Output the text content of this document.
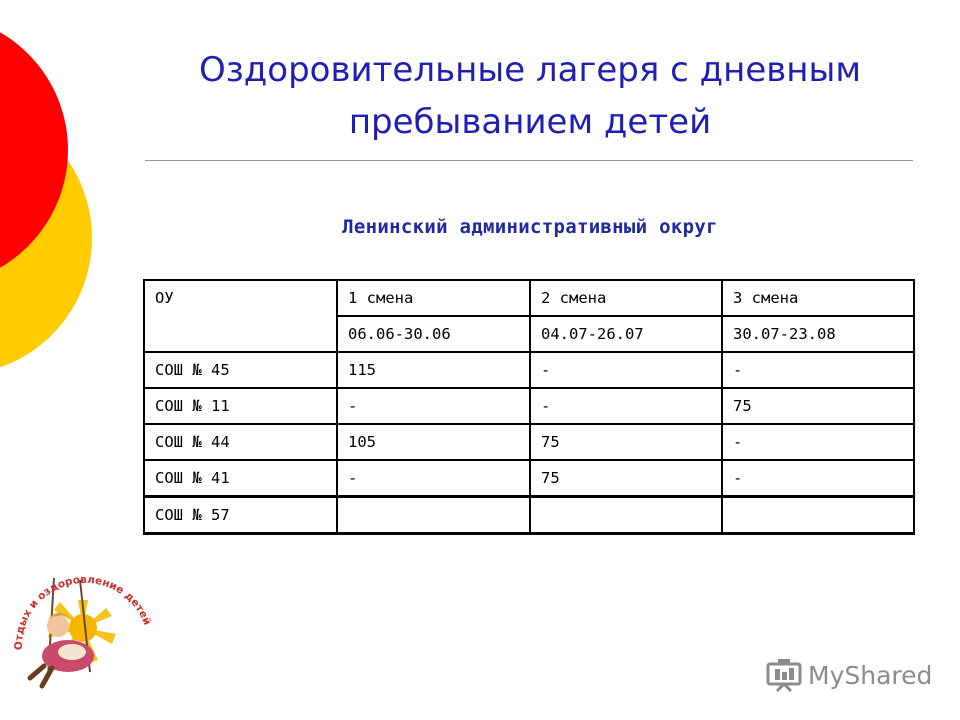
Оздоровительные лагеря с дневным пребыванием детей
Ленинский административный округ
ОУ	1 смена	2 смена	3 смена
	06.06-30.06	04.07-26.07	30.07-23.08
СОШ № 45	115	-	-
СОШ № 11	-	-	75
СОШ № 44	105	75	-
СОШ № 41	-	75	-
СОШ № 57			
Отдых и оздоровление детей
MyShared
